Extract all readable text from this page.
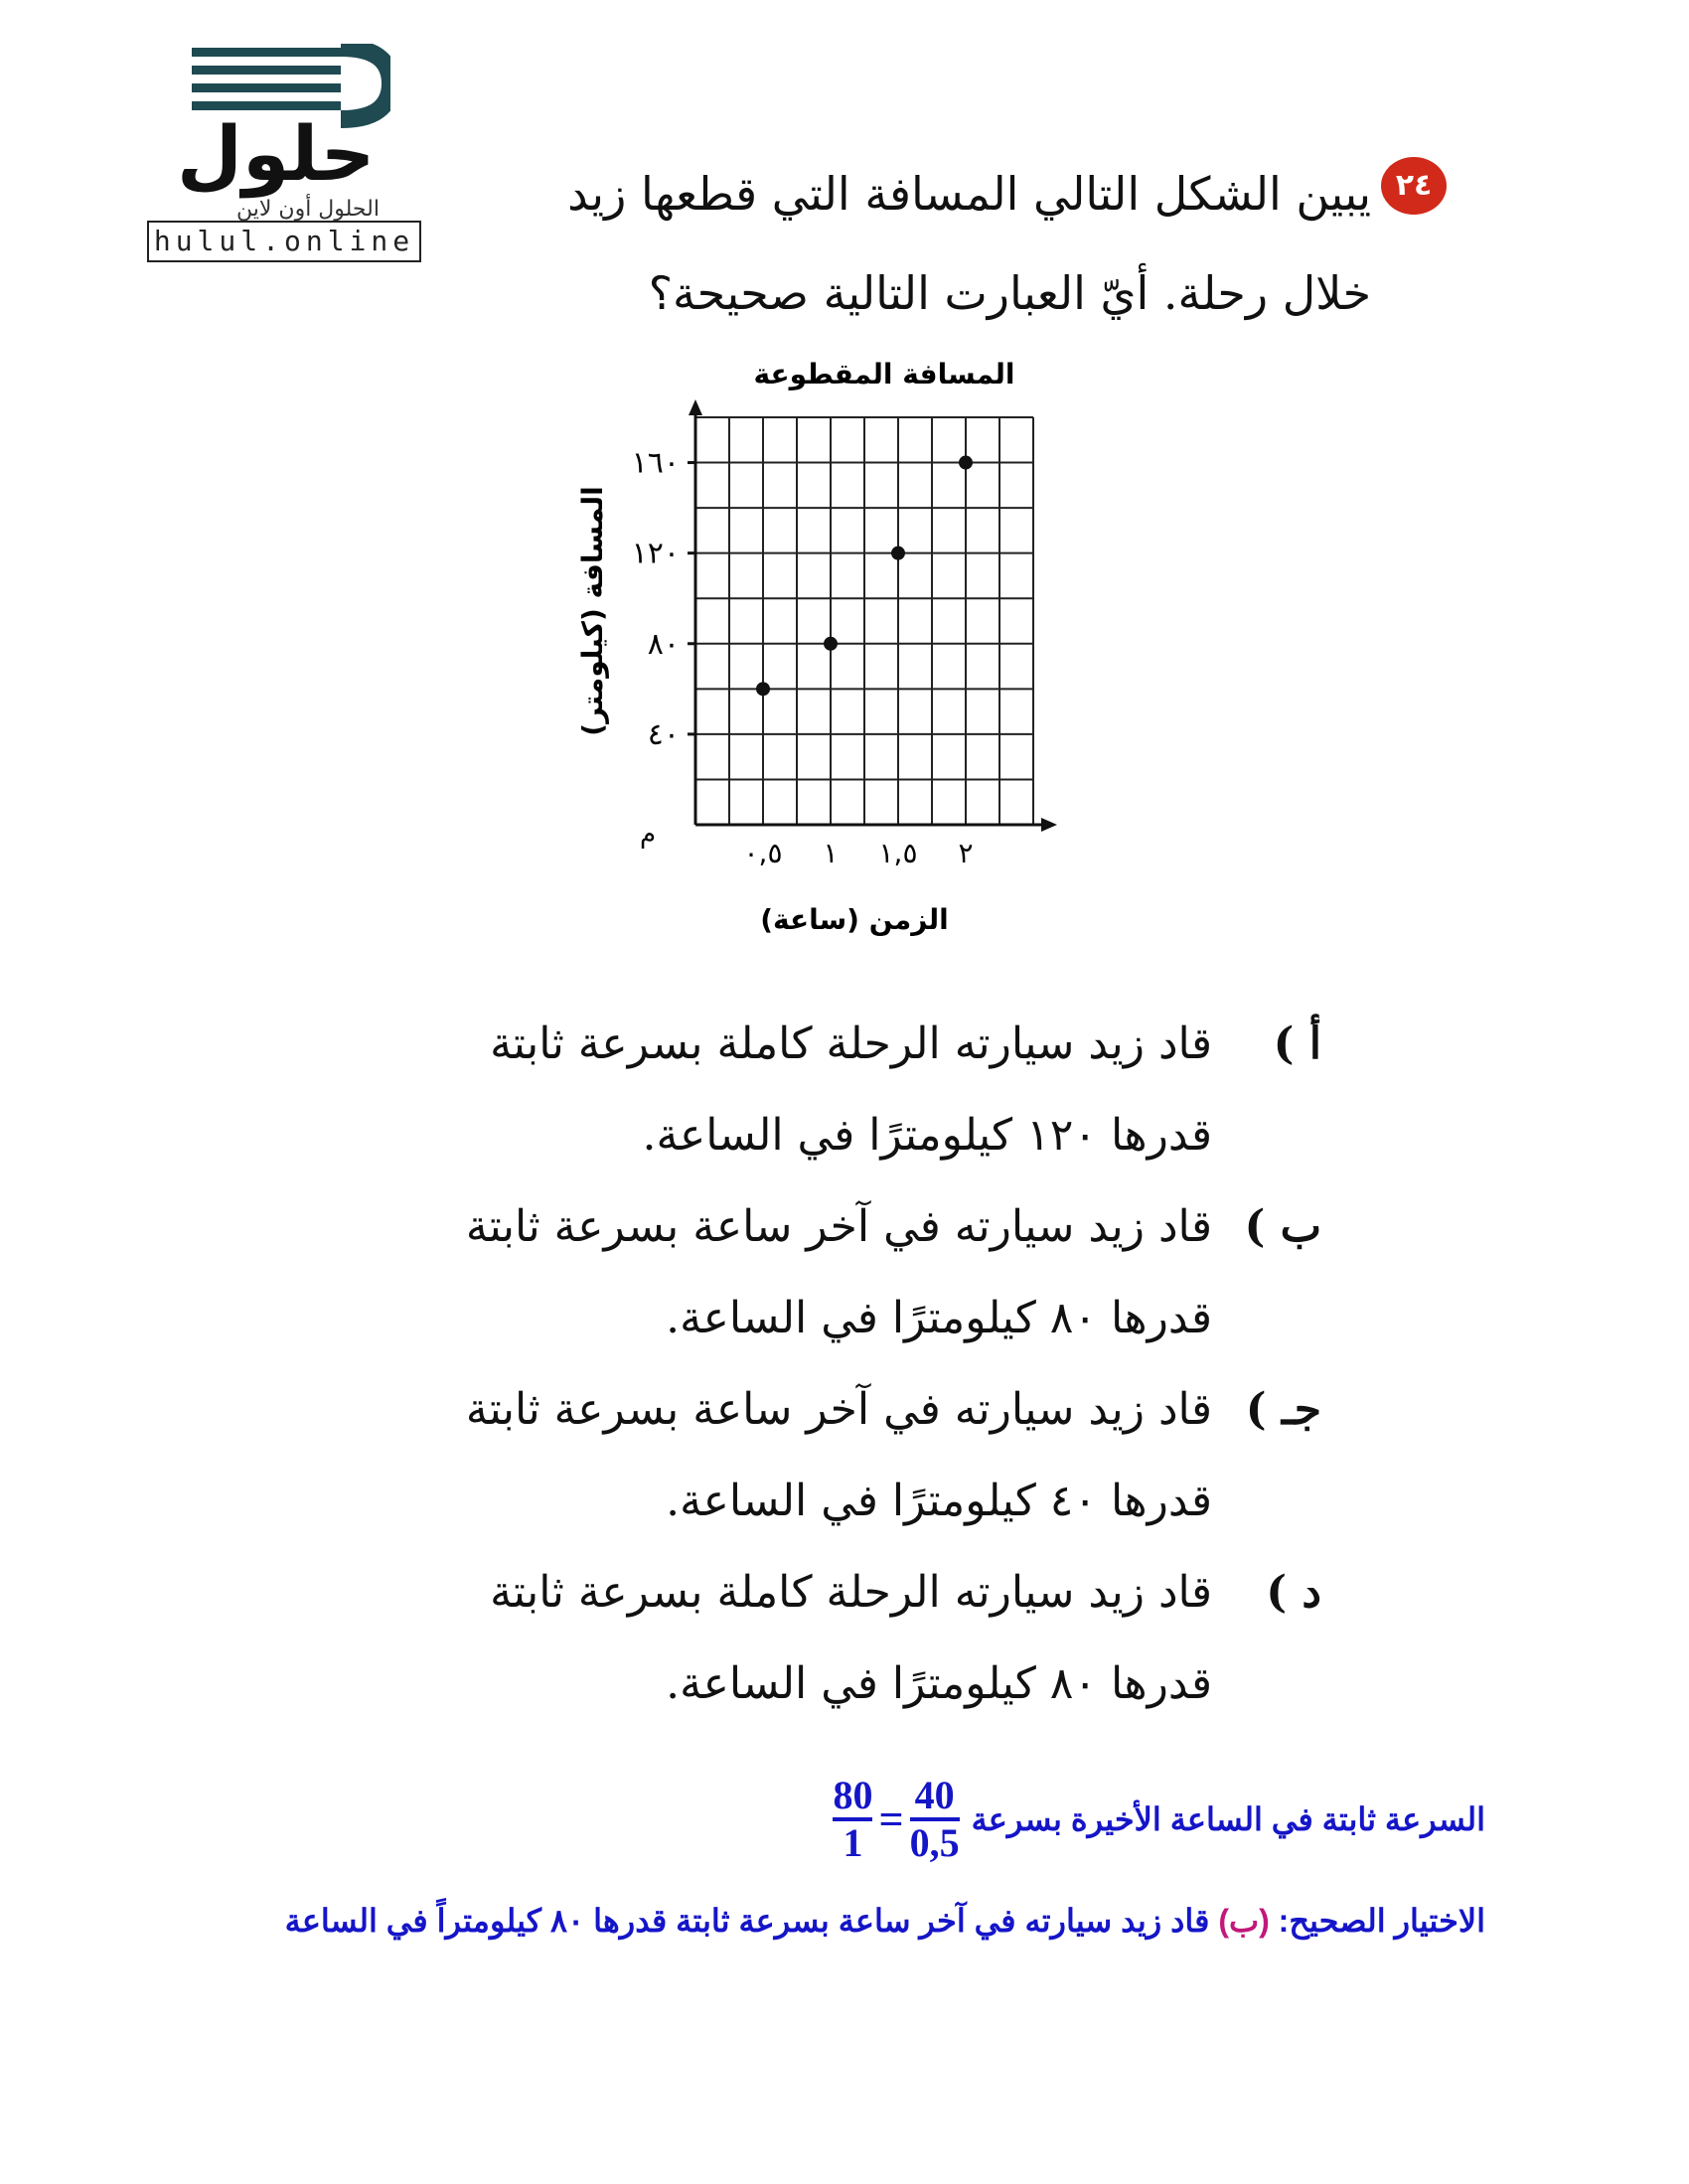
حلول
الحلول أون لاين
hulul.online
٢٤
يبين الشكل التالي المسافة التي قطعها زيد
خلال رحلة. أيّ العبارت التالية صحيحة؟
المسافة المقطوعة
٤٠
٨٠
١٢٠
١٦٠
٠,٥ ١ ١,٥ ٢
م
الزمن (ساعة)
المسافة (كيلومتر)
أ )
قاد زيد سيارته الرحلة كاملة بسرعة ثابتة
قدرها ١٢٠ كيلومترًا في الساعة.
ب )
قاد زيد سيارته في آخر ساعة بسرعة ثابتة
قدرها ٨٠ كيلومترًا في الساعة.
جـ )
قاد زيد سيارته في آخر ساعة بسرعة ثابتة
قدرها ٤٠ كيلومترًا في الساعة.
د )
قاد زيد سيارته الرحلة كاملة بسرعة ثابتة
قدرها ٨٠ كيلومترًا في الساعة.
السرعة ثابتة في الساعة الأخيرة بسرعة
$\frac{80}{1} = \frac{40}{0,5}$
الاختيار الصحيح: (ب) قاد زيد سيارته في آخر ساعة بسرعة ثابتة قدرها ٨٠ كيلومتراً في الساعة
